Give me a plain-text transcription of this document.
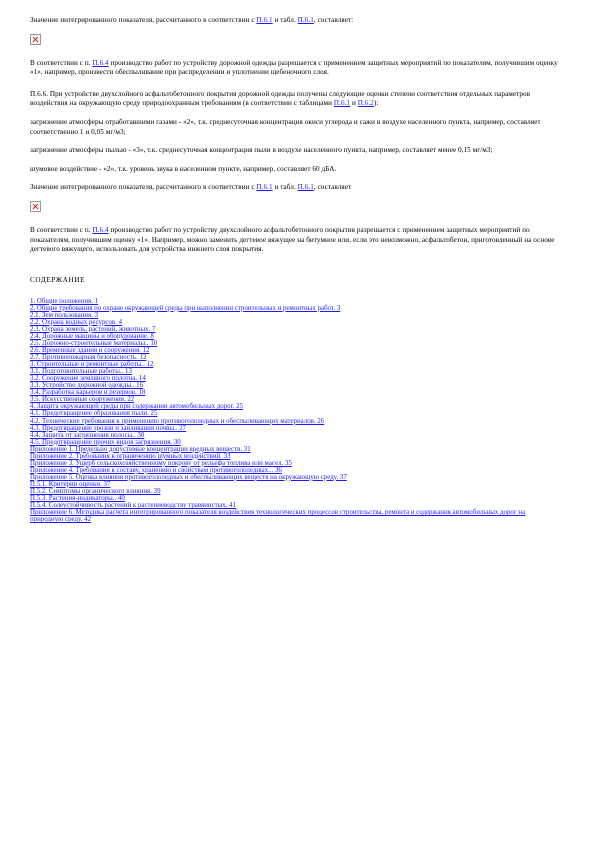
Значение интегрированного показателя, рассчитанного в соответствии с П.6.1 и табл. П.6.1, составляет:

В соответствии с п. П.6.4 производство работ по устройству дорожной одежды разрешается с применением защитных мероприятий по показателям, получившим оценку «1», например, произвести обеспыливание при распределении и уплотнении щебеночного слоя.

П.6.6. При устройстве двухслойного асфальтобетонного покрытия дорожной одежды получены следующие оценки степени соответствия отдельных параметров воздействия на окружающую среду природоохранным требованиям (в соответствии с таблицами П.6.1 и П.6.2):

загрязнение атмосферы отработавшими газами - «2», т.к. среднесуточная концентрация окиси углерода и сажи в воздухе населенного пункта, например, составляет соответственно 1 и 0,05 мг/м3;

загрязнение атмосферы пылью - «3», т.к. среднесуточная концентрация пыли в воздухе населенного пункта, например, составляет менее 0,15 мг/м3;

шумовое воздействие - «2», т.к. уровень звука в населенном пункте, например, составляет 60 дБА.

Значение интегрированного показателя, рассчитанного в соответствии с П.6.1 и табл. П.6.1, составляет

В соответствии с п. П.6.4 производство работ по устройству двухслойного асфальтобетонного покрытия разрешается с применением защитных мероприятий по показателям, получившим оценку «1». Например, можно заменить дегтевое вяжущее на битумное или, если это невозможно, асфальтобетон, приготовленный на основе дегтевого вяжущего, использовать для устройства нижнего слоя покрытия.

СОДЕРЖАНИЕ

1. Общие положения. 1
2. Общие требования по охране окружающей среды при выполнении строительных и ремонтных работ. 3
2.1. Зем пользования. 3
2.2. Охрана водных ресурсов. 4
2.3. Охрана земель, растений, животных. 7
2.4. Дорожные машины и оборудование. 8
2.5. Дорожно-строительные материалы.. 10
2.6. Временные здания и сооружения. 12
2.7. Противопожарная безопасность. 12
3. Строительные и ремонтные работы.. 12
3.1. Подготовительные работы.. 13
3.2. Сооружение земляного полотна. 14
3.3. Устройство дорожной одежды.. 16
3.4. Разработка карьеров и резервов. 18
3.5. Искусственные сооружения. 22
4. Защита окружающей среды при содержании автомобильных дорог. 25
4.1. Предотвращение образования пыли. 25
4.2. Технические требования к применению противогололедных и обеспыливающих материалов. 26
4.3. Предотвращение эрозии и заиливания почвы.. 27
4.4. Защита от загрязнения полосы.. 30
4.5. Предотвращение прочих видов загрязнения. 30
Приложение 1. Предельно допустимые концентрации вредных веществ. 31
Приложение 2. Требования к ограничению шумных воздействий. 33
Приложение 3. Ущерб сельскохозяйственному покрову от рельефа топлива или масел. 35
Приложение 4. Требования к составу, хранению и свойствам противогололедных... 36
Приложение 5. Оценка влияния противогололедных и обеспыливающих веществ на окружающую среду. 37
П.5.1. Критерии оценки. 37
П.5.2. Симптомы органического влияния. 39
П.5.3. Растения-индикаторы.. 40
П.5.4. Солеустойчивость растений к растениеводству травянистых. 41
Приложение 6. Методика расчета интегрированного показателя воздействия технологических процессов строительства, ремонта и содержания автомобильных дорог на природную среду. 42
